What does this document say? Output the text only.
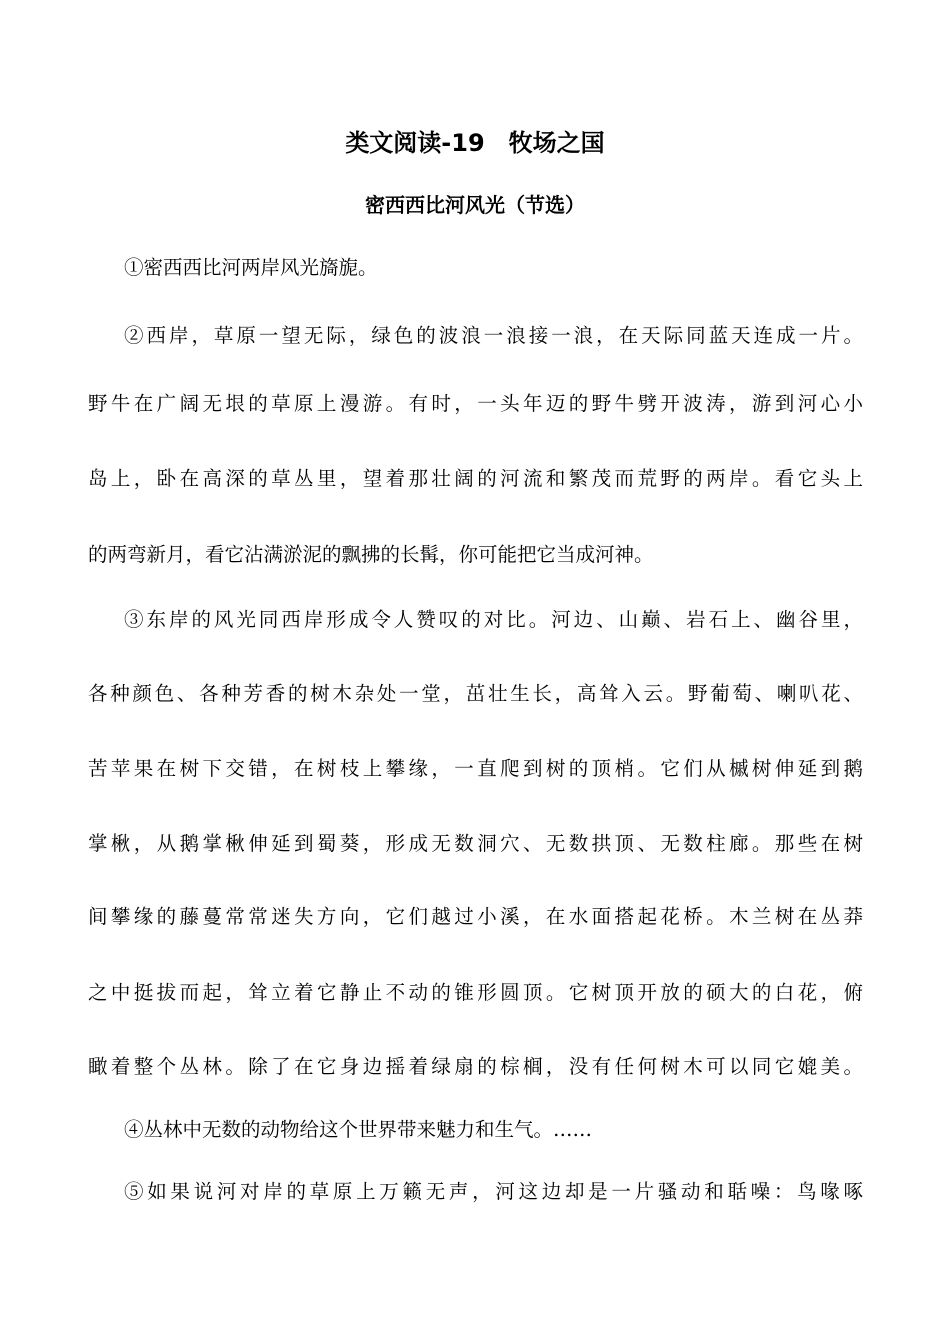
类文阅读-19　牧场之国
密西西比河风光（节选）

①密西西比河两岸风光旖旎。

②西岸，草原一望无际，绿色的波浪一浪接一浪，在天际同蓝天连成一片。

野牛在广阔无垠的草原上漫游。有时，一头年迈的野牛劈开波涛，游到河心小

岛上，卧在高深的草丛里，望着那壮阔的河流和繁茂而荒野的两岸。看它头上

的两弯新月，看它沾满淤泥的飘拂的长髯，你可能把它当成河神。

③东岸的风光同西岸形成令人赞叹的对比。河边、山巅、岩石上、幽谷里，

各种颜色、各种芳香的树木杂处一堂，茁壮生长，高耸入云。野葡萄、喇叭花、

苦苹果在树下交错，在树枝上攀缘，一直爬到树的顶梢。它们从槭树伸延到鹅

掌楸，从鹅掌楸伸延到蜀葵，形成无数洞穴、无数拱顶、无数柱廊。那些在树

间攀缘的藤蔓常常迷失方向，它们越过小溪，在水面搭起花桥。木兰树在丛莽

之中挺拔而起，耸立着它静止不动的锥形圆顶。它树顶开放的硕大的白花，俯

瞰着整个丛林。除了在它身边摇着绿扇的棕榈，没有任何树木可以同它媲美。

④丛林中无数的动物给这个世界带来魅力和生气。……

⑤如果说河对岸的草原上万籁无声，河这边却是一片骚动和聒噪：鸟喙啄
